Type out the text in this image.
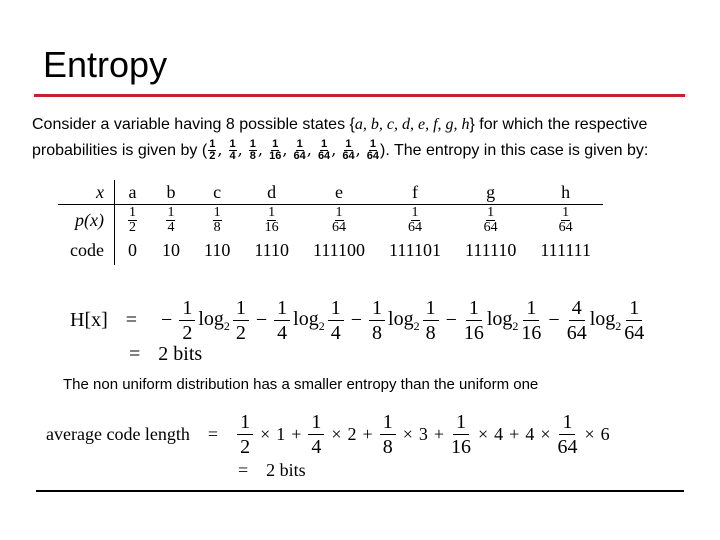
Entropy
Consider a variable having 8 possible states {a, b, c, d, e, f, g, h} for which the respective
probabilities is given by ( $\frac{1}{2}$ , $\frac{1}{4}$ , $\frac{1}{8}$ , $\frac{1}{16}$ , $\frac{1}{64}$ , $\frac{1}{64}$ , $\frac{1}{64}$ , $\frac{1}{64}$ ). The entropy in this case is given by:
x	a	b	c	d	e	f	g	h
p(x)	$\frac{1}{2}$	$\frac{1}{4}$	$\frac{1}{8}$	$\frac{1}{16}$	$\frac{1}{64}$	$\frac{1}{64}$	$\frac{1}{64}$	$\frac{1}{64}$

code	0	10	110	1110	111100	111101	111110	111111
H[x] = − $\frac{1}{2} \log_2 \frac{1}{2} - \frac{1}{4} \log_2 \frac{1}{4} - \frac{1}{8} \log_2 \frac{1}{8} - \frac{1}{16} \log_2 \frac{1}{16} - \frac{4}{64} \log_2 \frac{1}{64}$
= 2 bits
The non uniform distribution has a smaller entropy than the uniform one
average code length = $\frac{1}{2} \times 1 + \frac{1}{4} \times 2 + \frac{1}{8} \times 3 + \frac{1}{16} \times 4 + 4 \times \frac{1}{64} \times 6$
= 2 bits
